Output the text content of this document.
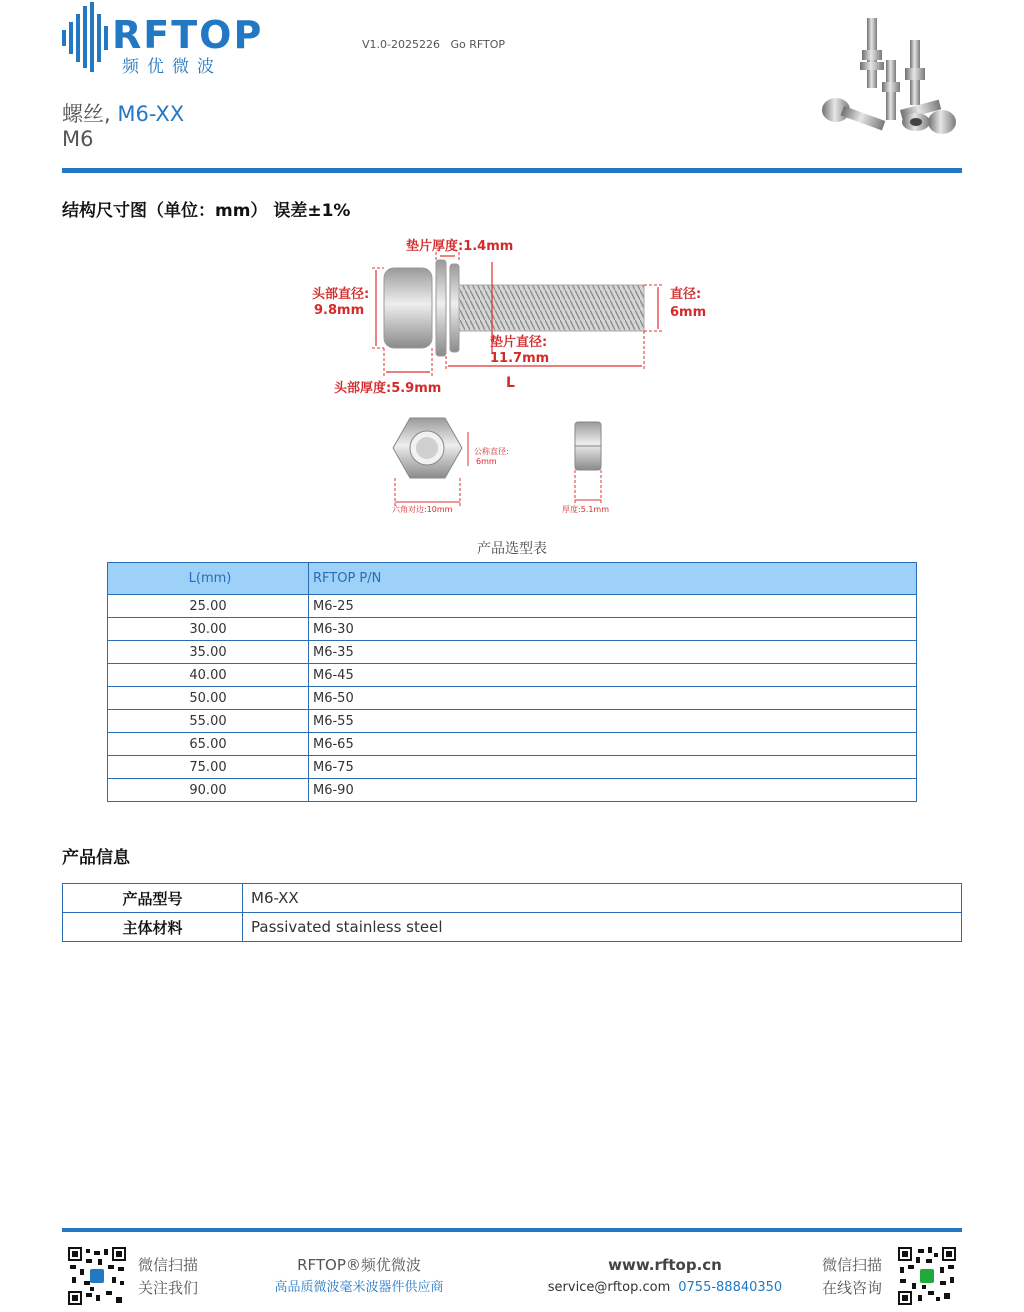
RFTOP
频优微波
V1.0-2025226   Go RFTOP
螺丝, M6-XX
M6
结构尺寸图（单位：mm） 误差±1%
垫片厚度:1.4mm
头部直径:
9.8mm
直径:
6mm
垫片直径:
11.7mm
L
头部厚度:5.9mm
公称直径:
6mm
六角对边:10mm	厚度:5.1mm
产品选型表
L(mm)	RFTOP P/N
25.00	M6-25
30.00	M6-30
35.00	M6-35
40.00	M6-45
50.00	M6-50
55.00	M6-55
65.00	M6-65
75.00	M6-75
90.00	M6-90
产品信息
产品型号	M6-XX
主体材料	Passivated stainless steel
微信扫描
关注我们
RFTOP®频优微波
高品质微波毫米波器件供应商
www.rftop.cn
service@rftop.com 0755-88840350
微信扫描
在线咨询
